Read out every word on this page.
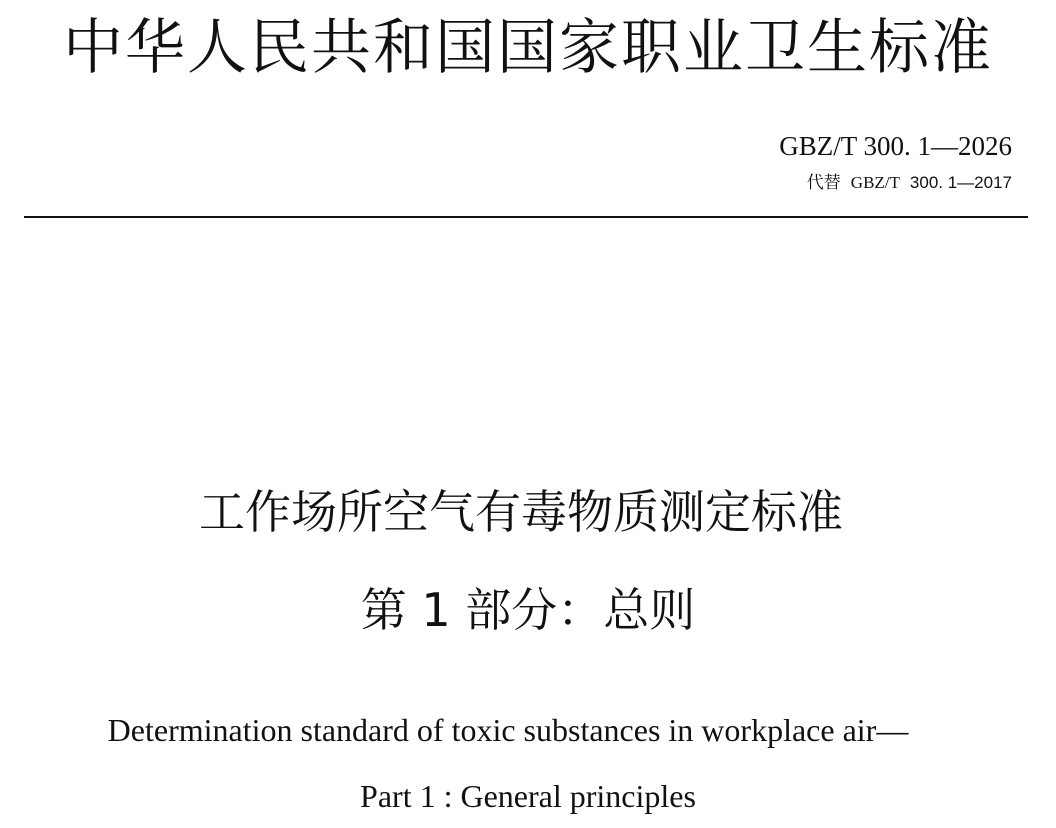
中华人民共和国国家职业卫生标准
GBZ/T 300. 1—2026
代替 GBZ/T 300. 1—2017
工作场所空气有毒物质测定标准
第 1 部分：总则
Determination standard of toxic substances in workplace air—
Part 1 : General principles
